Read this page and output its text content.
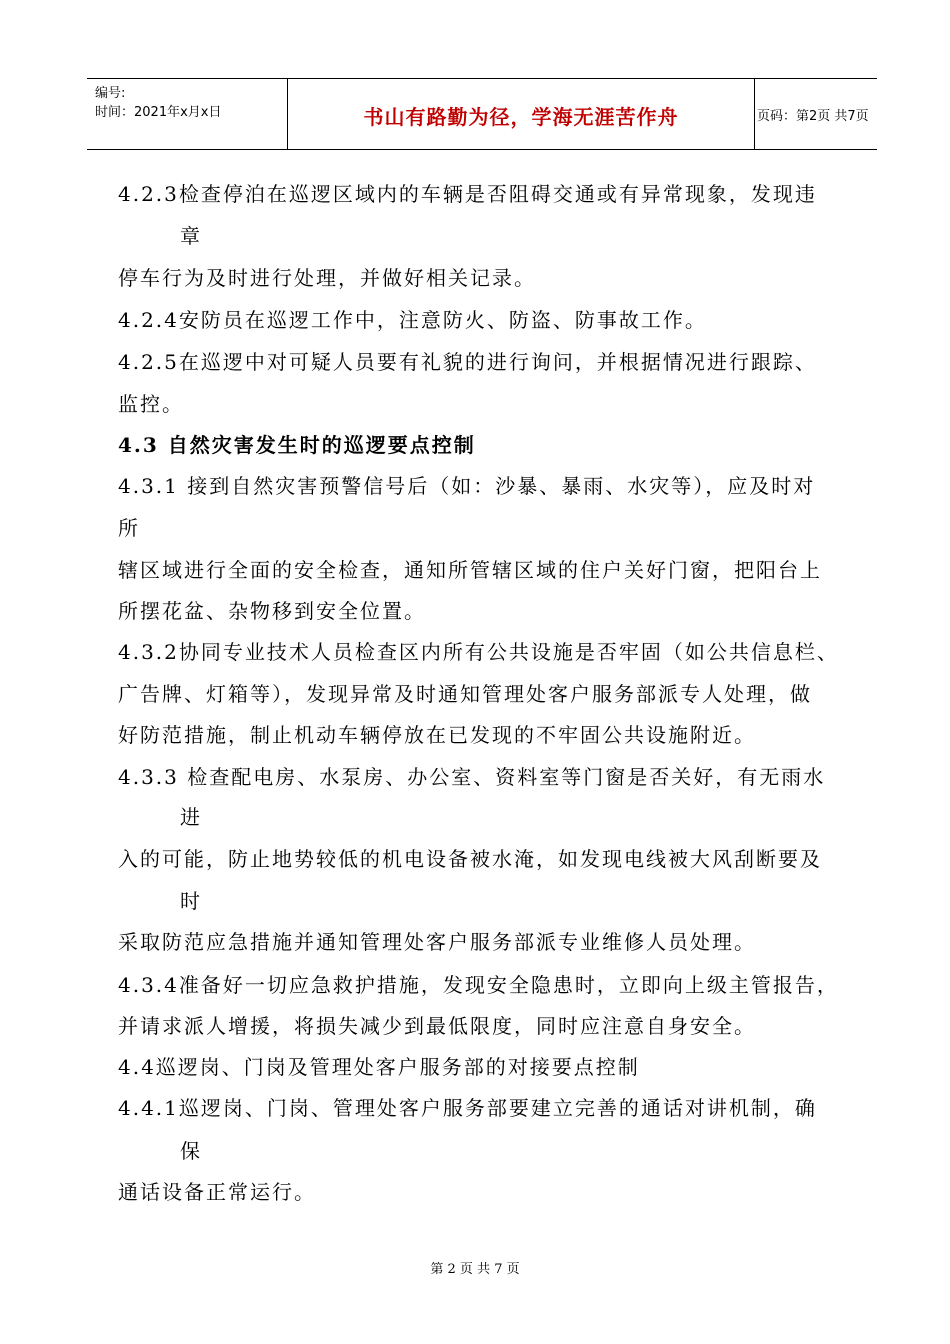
编号:
时间：2021年x月x日	书山有路勤为径，学海无涯苦作舟	页码：第2页 共7页
4.2.3检查停泊在巡逻区域内的车辆是否阻碍交通或有异常现象，发现违
章
停车行为及时进行处理，并做好相关记录。
4.2.4安防员在巡逻工作中，注意防火、防盗、防事故工作。
4.2.5在巡逻中对可疑人员要有礼貌的进行询问，并根据情况进行跟踪、
监控。
4.3 自然灾害发生时的巡逻要点控制
4.3.1 接到自然灾害预警信号后（如：沙暴、暴雨、水灾等），应及时对
所
辖区域进行全面的安全检查，通知所管辖区域的住户关好门窗，把阳台上
所摆花盆、杂物移到安全位置。
4.3.2协同专业技术人员检查区内所有公共设施是否牢固（如公共信息栏、
广告牌、灯箱等），发现异常及时通知管理处客户服务部派专人处理，做
好防范措施，制止机动车辆停放在已发现的不牢固公共设施附近。
4.3.3 检查配电房、水泵房、办公室、资料室等门窗是否关好，有无雨水
进
入的可能，防止地势较低的机电设备被水淹，如发现电线被大风刮断要及
时
采取防范应急措施并通知管理处客户服务部派专业维修人员处理。
4.3.4准备好一切应急救护措施，发现安全隐患时，立即向上级主管报告，
并请求派人增援，将损失减少到最低限度，同时应注意自身安全。
4.4巡逻岗、门岗及管理处客户服务部的对接要点控制
4.4.1巡逻岗、门岗、管理处客户服务部要建立完善的通话对讲机制，确
保
通话设备正常运行。
第 2 页 共 7 页
